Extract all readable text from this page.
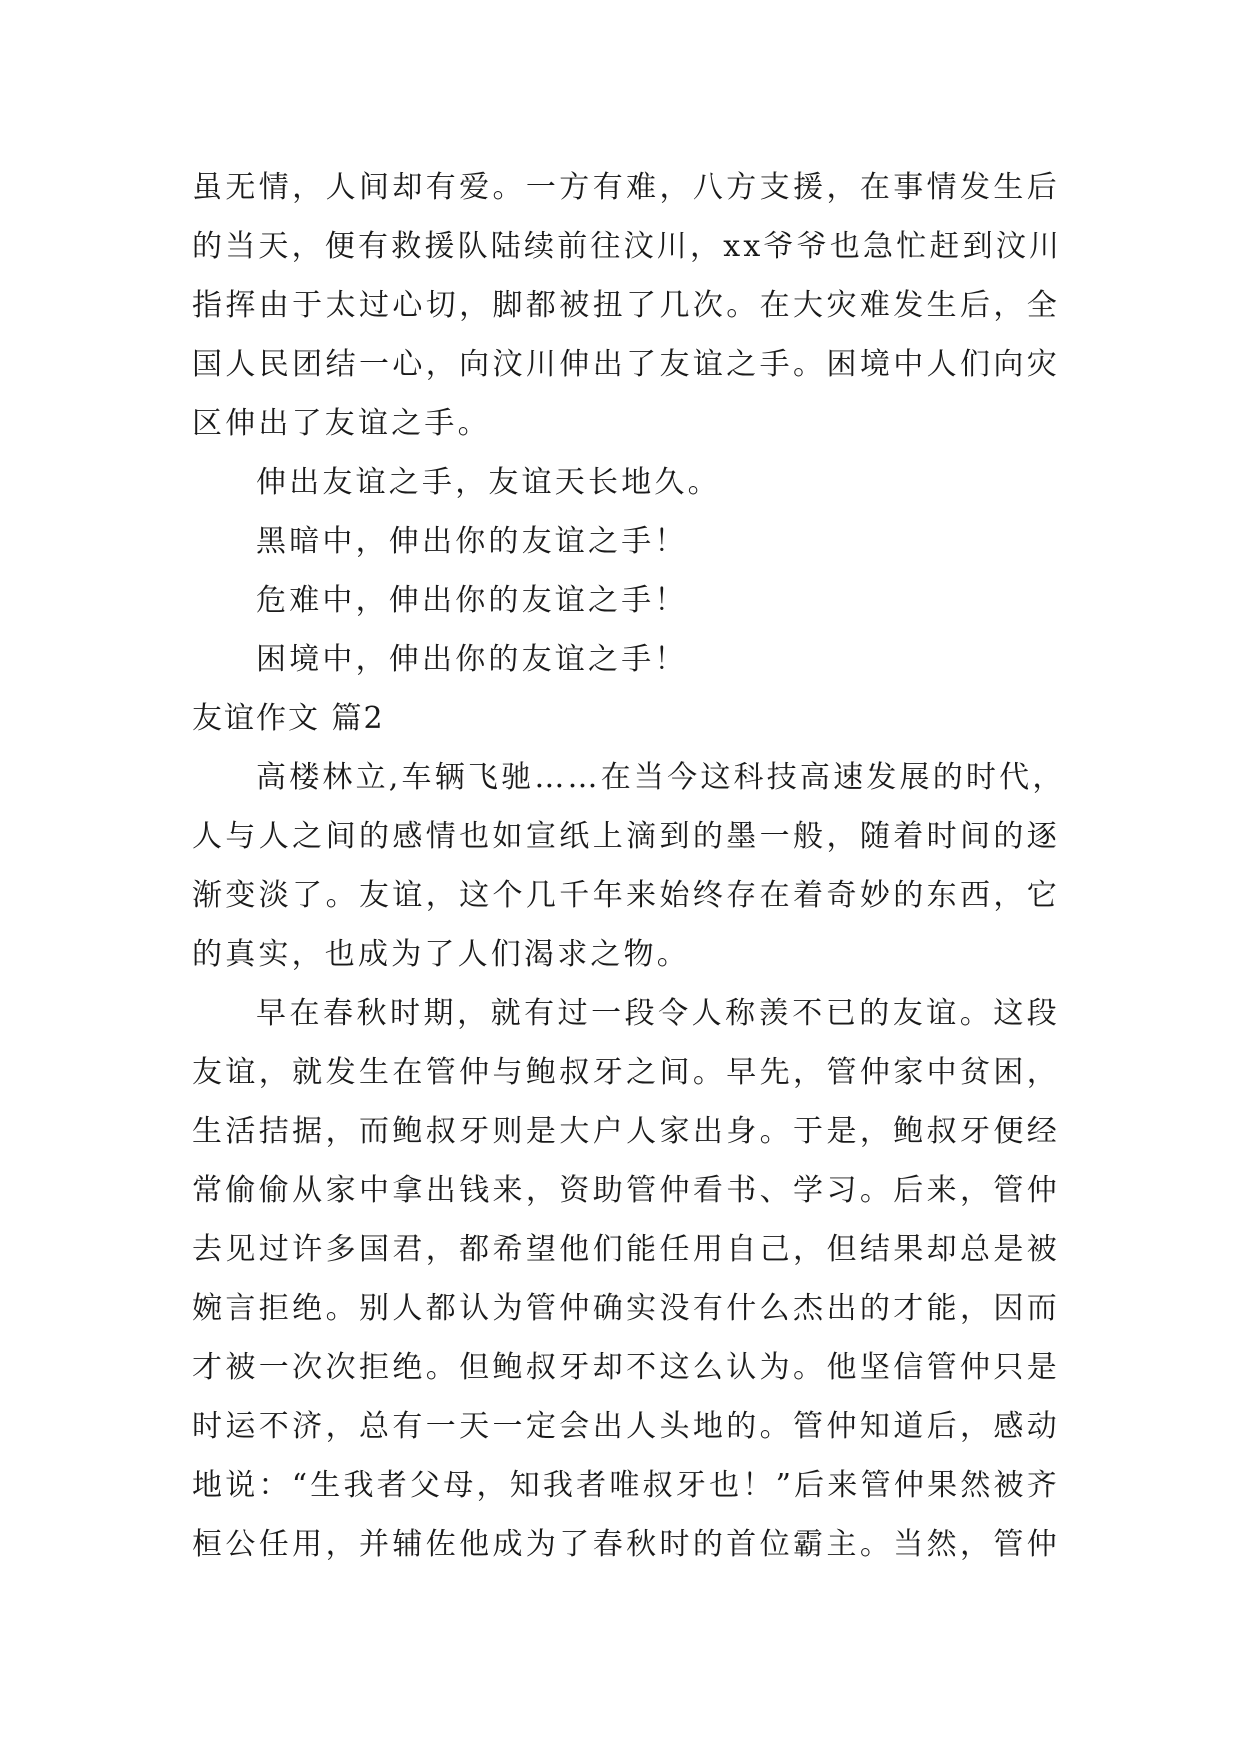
虽无情，人间却有爱。一方有难，八方支援，在事情发生后
的当天，便有救援队陆续前往汶川，xx爷爷也急忙赶到汶川
指挥由于太过心切，脚都被扭了几次。在大灾难发生后，全
国人民团结一心，向汶川伸出了友谊之手。困境中人们向灾
区伸出了友谊之手。
伸出友谊之手，友谊天长地久。
黑暗中，伸出你的友谊之手！
危难中，伸出你的友谊之手！
困境中，伸出你的友谊之手！
友谊作文 篇2
高楼林立,车辆飞驰……在当今这科技高速发展的时代，
人与人之间的感情也如宣纸上滴到的墨一般，随着时间的逐
渐变淡了。友谊，这个几千年来始终存在着奇妙的东西，它
的真实，也成为了人们渴求之物。
早在春秋时期，就有过一段令人称羡不已的友谊。这段
友谊，就发生在管仲与鲍叔牙之间。早先，管仲家中贫困，
生活拮据，而鲍叔牙则是大户人家出身。于是，鲍叔牙便经
常偷偷从家中拿出钱来，资助管仲看书、学习。后来，管仲
去见过许多国君，都希望他们能任用自己，但结果却总是被
婉言拒绝。别人都认为管仲确实没有什么杰出的才能，因而
才被一次次拒绝。但鲍叔牙却不这么认为。他坚信管仲只是
时运不济，总有一天一定会出人头地的。管仲知道后，感动
地说：“生我者父母，知我者唯叔牙也！”后来管仲果然被齐
桓公任用，并辅佐他成为了春秋时的首位霸主。当然，管仲
